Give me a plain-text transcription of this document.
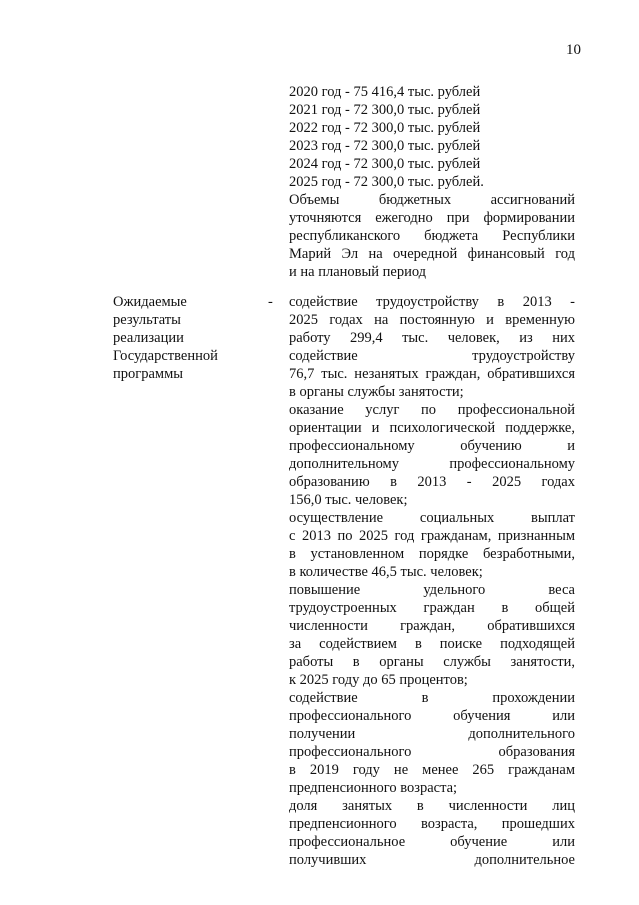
10
2020 год - 75 416,4 тыс. рублей
2021 год - 72 300,0 тыс. рублей
2022 год - 72 300,0 тыс. рублей
2023 год - 72 300,0 тыс. рублей
2024 год - 72 300,0 тыс. рублей
2025 год - 72 300,0 тыс. рублей.
Объемы бюджетных ассигнований
уточняются ежегодно при формировании
республиканского бюджета Республики
Марий Эл на очередной финансовый год
и на плановый период
Ожидаемые
результаты
реализации
Государственной
программы
- содействие трудоустройству в 2013 -
2025 годах на постоянную и временную
работу 299,4 тыс. человек, из них
содействие трудоустройству
76,7 тыс. незанятых граждан, обратившихся
в органы службы занятости;
оказание услуг по профессиональной
ориентации и психологической поддержке,
профессиональному обучению и
дополнительному профессиональному
образованию в 2013 - 2025 годах
156,0 тыс. человек;
осуществление социальных выплат
с 2013 по 2025 год гражданам, признанным
в установленном порядке безработными,
в количестве 46,5 тыс. человек;
повышение удельного веса
трудоустроенных граждан в общей
численности граждан, обратившихся
за содействием в поиске подходящей
работы в органы службы занятости,
к 2025 году до 65 процентов;
содействие в прохождении
профессионального обучения или
получении дополнительного
профессионального образования
в 2019 году не менее 265 гражданам
предпенсионного возраста;
доля занятых в численности лиц
предпенсионного возраста, прошедших
профессиональное обучение или
получивших дополнительное
